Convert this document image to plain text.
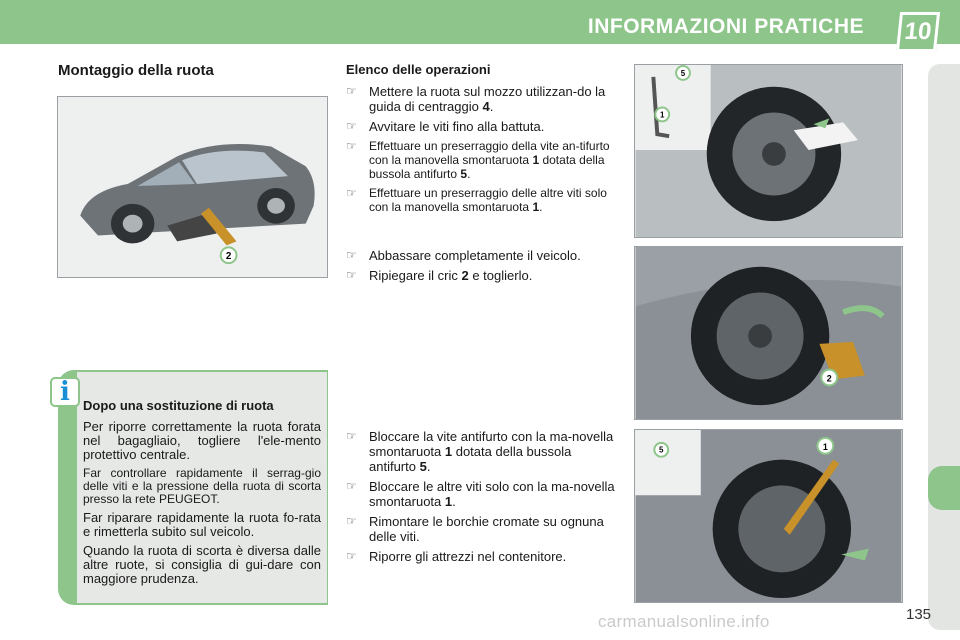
INFORMAZIONI PRATICHE	10
Montaggio della ruota
2
5
1
2
5	1
Elenco delle operazioni
☞ Mettere la ruota sul mozzo utilizzan-do la guida di centraggio 4.
☞ Avvitare le viti fino alla battuta.
☞ Effettuare un preserraggio della vite an-tifurto con la manovella smontaruota 1 dotata della bussola antifurto 5.
☞ Effettuare un preserraggio delle altre viti solo con la manovella smontaruota 1.
☞ Abbassare completamente il veicolo.
☞ Ripiegare il cric 2 e toglierlo.
☞ Bloccare la vite antifurto con la ma-novella smontaruota 1 dotata della bussola antifurto 5.
☞ Bloccare le altre viti solo con la ma-novella smontaruota 1.
☞ Rimontare le borchie cromate su ognuna delle viti.
☞ Riporre gli attrezzi nel contenitore.
Dopo una sostituzione di ruota

Per riporre correttamente la ruota forata nel bagagliaio, togliere l'ele-mento protettivo centrale.

Far controllare rapidamente il serrag-gio delle viti e la pressione della ruota di scorta presso la rete PEUGEOT.

Far riparare rapidamente la ruota fo-rata e rimetterla subito sul veicolo.

Quando la ruota di scorta è diversa dalle altre ruote, si consiglia di gui-dare con maggiore prudenza.

i
carmanualsonline.info	135
